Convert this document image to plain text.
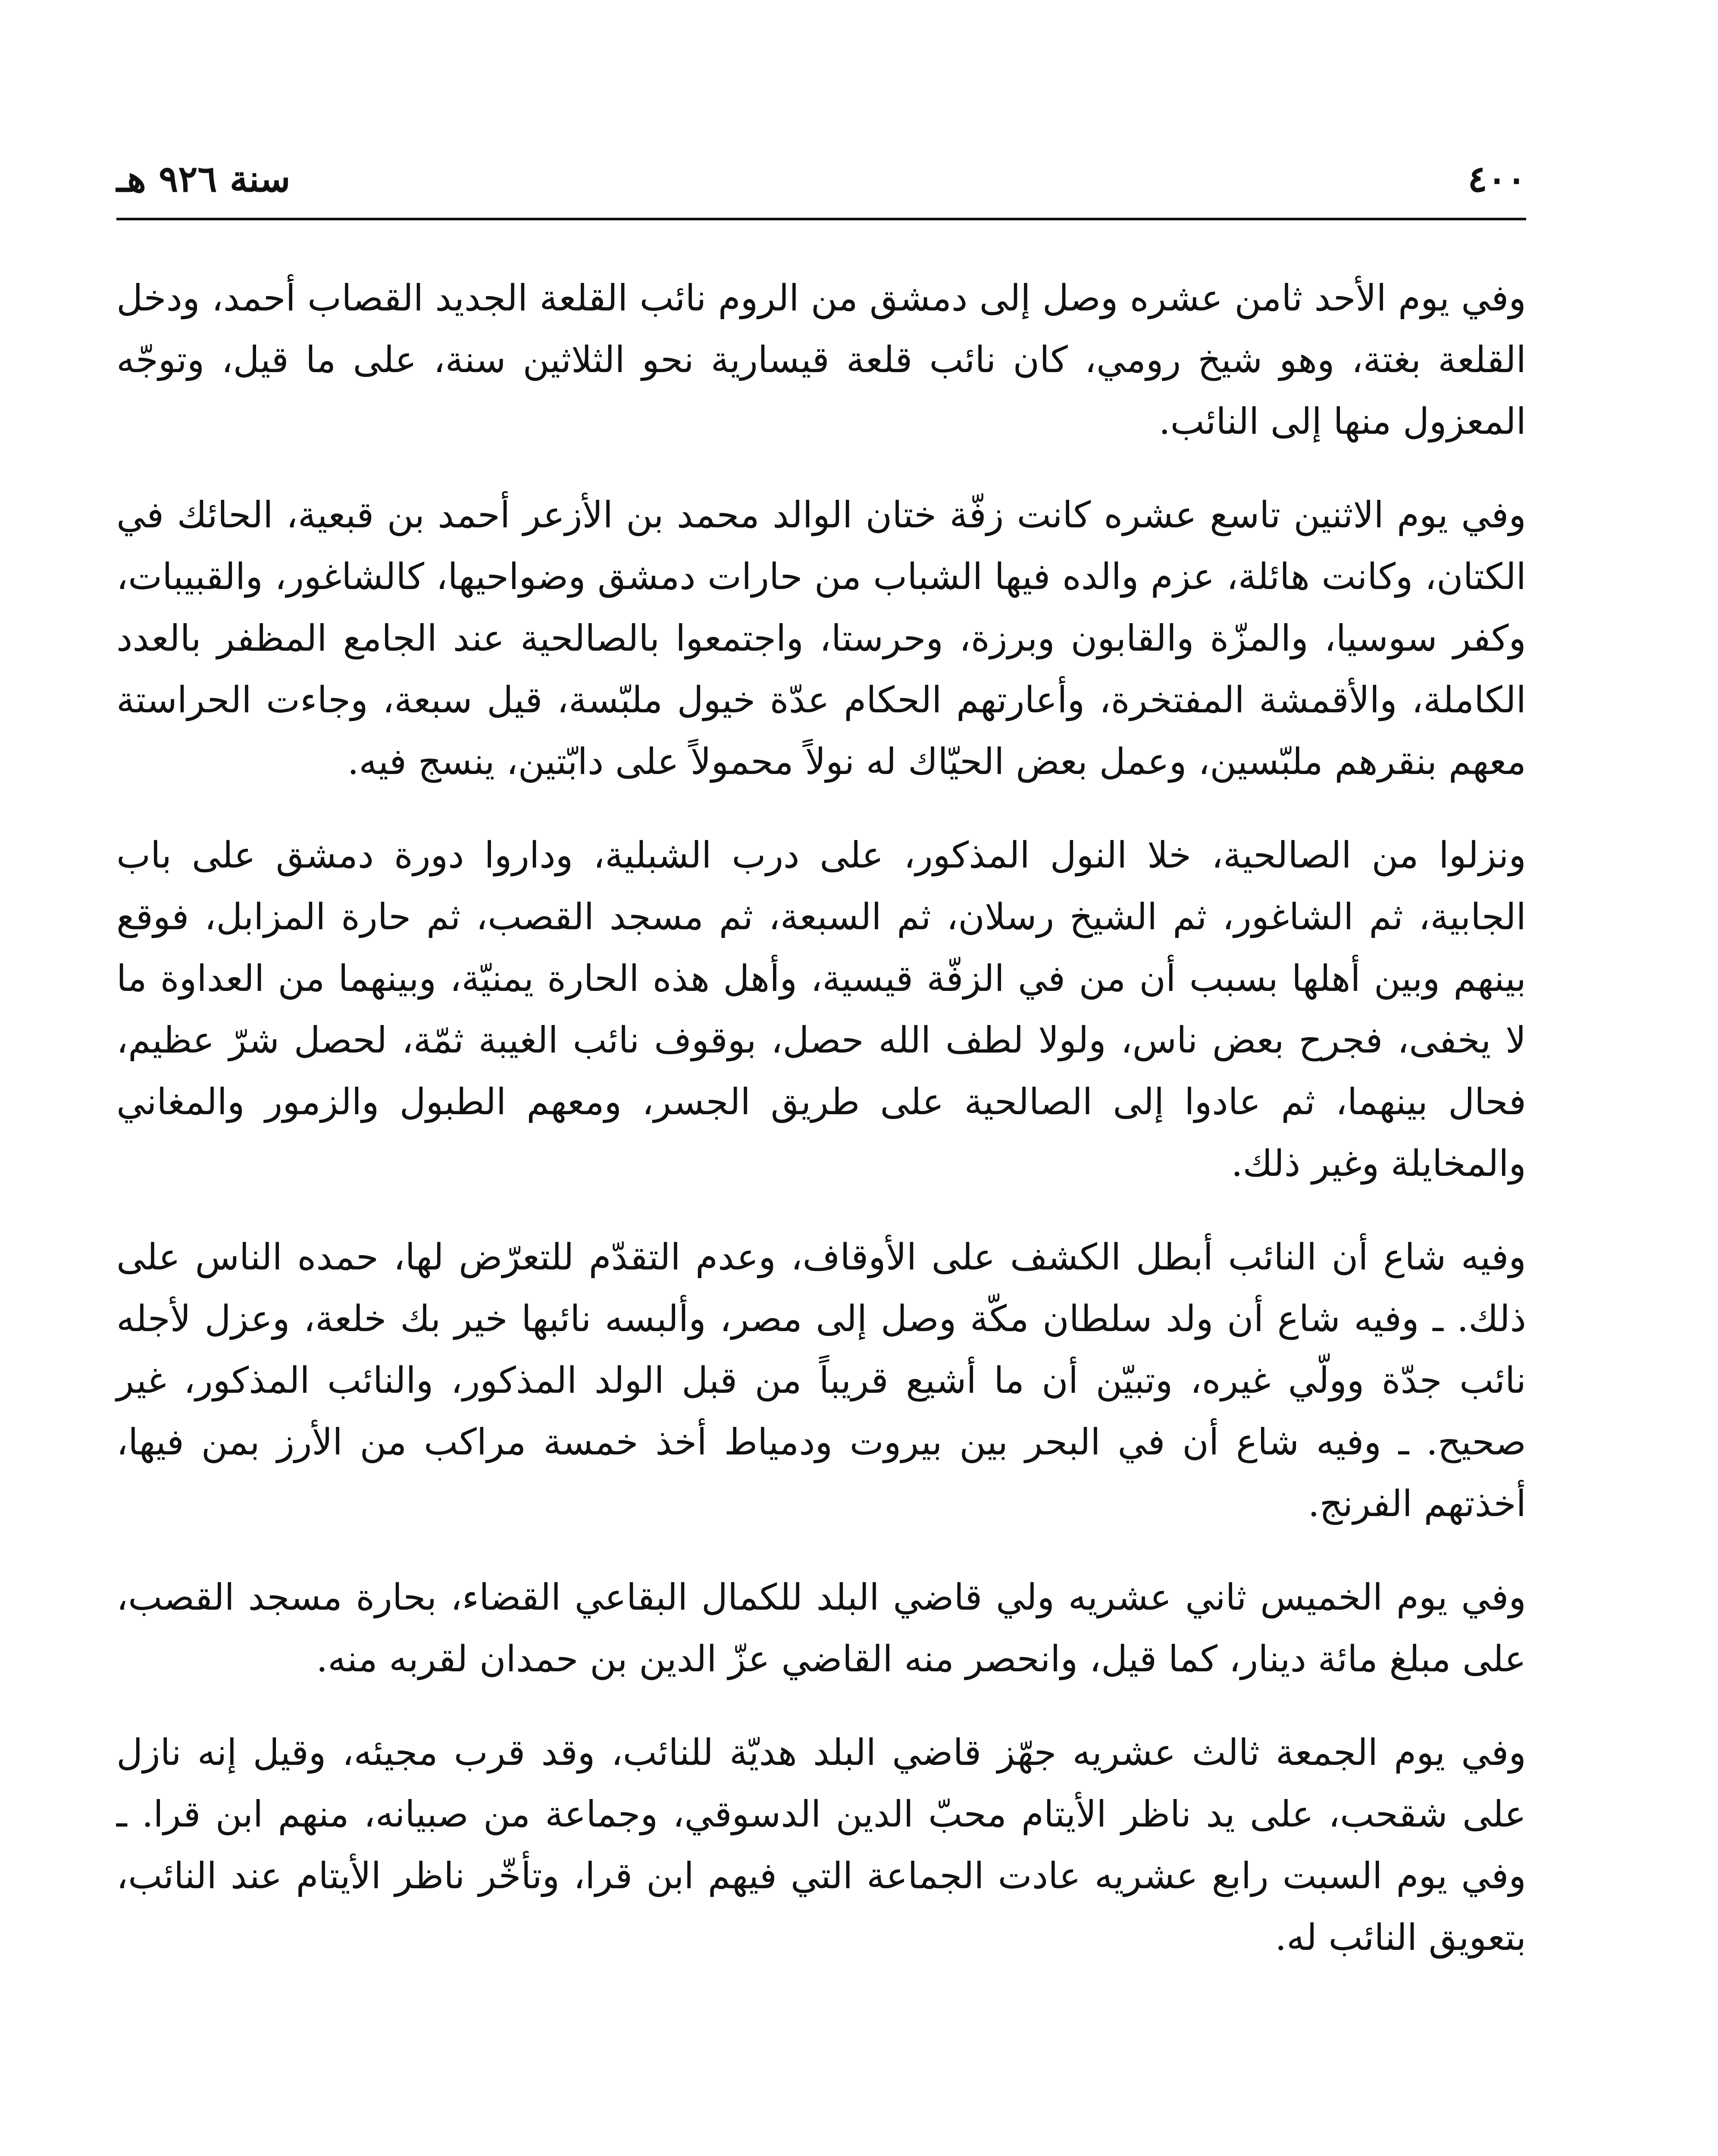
سنة ٩٢٦ هـ	٤٠٠

وفي يوم الأحد ثامن عشره وصل إلى دمشق من الروم نائب القلعة الجديد القصاب أحمد، ودخل القلعة بغتة، وهو شيخ رومي، كان نائب قلعة قيسارية نحو الثلاثين سنة، على ما قيل، وتوجّه المعزول منها إلى النائب.

وفي يوم الاثنين تاسع عشره كانت زفّة ختان الوالد محمد بن الأزعر أحمد بن قبعية، الحائك في الكتان، وكانت هائلة، عزم والده فيها الشباب من حارات دمشق وضواحيها، كالشاغور، والقبيبات، وكفر سوسيا، والمزّة والقابون وبرزة، وحرستا، واجتمعوا بالصالحية عند الجامع المظفر بالعدد الكاملة، والأقمشة المفتخرة، وأعارتهم الحكام عدّة خيول ملبّسة، قيل سبعة، وجاءت الحراستة معهم بنقرهم ملبّسين، وعمل بعض الحيّاك له نولاً محمولاً على دابّتين، ينسج فيه.

ونزلوا من الصالحية، خلا النول المذكور، على درب الشبلية، وداروا دورة دمشق على باب الجابية، ثم الشاغور، ثم الشيخ رسلان، ثم السبعة، ثم مسجد القصب، ثم حارة المزابل، فوقع بينهم وبين أهلها بسبب أن من في الزفّة قيسية، وأهل هذه الحارة يمنيّة، وبينهما من العداوة ما لا يخفى، فجرح بعض ناس، ولولا لطف الله حصل، بوقوف نائب الغيبة ثمّة، لحصل شرّ عظيم، فحال بينهما، ثم عادوا إلى الصالحية على طريق الجسر، ومعهم الطبول والزمور والمغاني والمخايلة وغير ذلك.

وفيه شاع أن النائب أبطل الكشف على الأوقاف، وعدم التقدّم للتعرّض لها، حمده الناس على ذلك. ـ وفيه شاع أن ولد سلطان مكّة وصل إلى مصر، وألبسه نائبها خير بك خلعة، وعزل لأجله نائب جدّة وولّي غيره، وتبيّن أن ما أشيع قريباً من قبل الولد المذكور، والنائب المذكور، غير صحيح. ـ وفيه شاع أن في البحر بين بيروت ودمياط أخذ خمسة مراكب من الأرز بمن فيها، أخذتهم الفرنج.

وفي يوم الخميس ثاني عشريه ولي قاضي البلد للكمال البقاعي القضاء، بحارة مسجد القصب، على مبلغ مائة دينار، كما قيل، وانحصر منه القاضي عزّ الدين بن حمدان لقربه منه.

وفي يوم الجمعة ثالث عشريه جهّز قاضي البلد هديّة للنائب، وقد قرب مجيئه، وقيل إنه نازل على شقحب، على يد ناظر الأيتام محبّ الدين الدسوقي، وجماعة من صبيانه، منهم ابن قرا. ـ وفي يوم السبت رابع عشريه عادت الجماعة التي فيهم ابن قرا، وتأخّر ناظر الأيتام عند النائب، بتعويق النائب له.
